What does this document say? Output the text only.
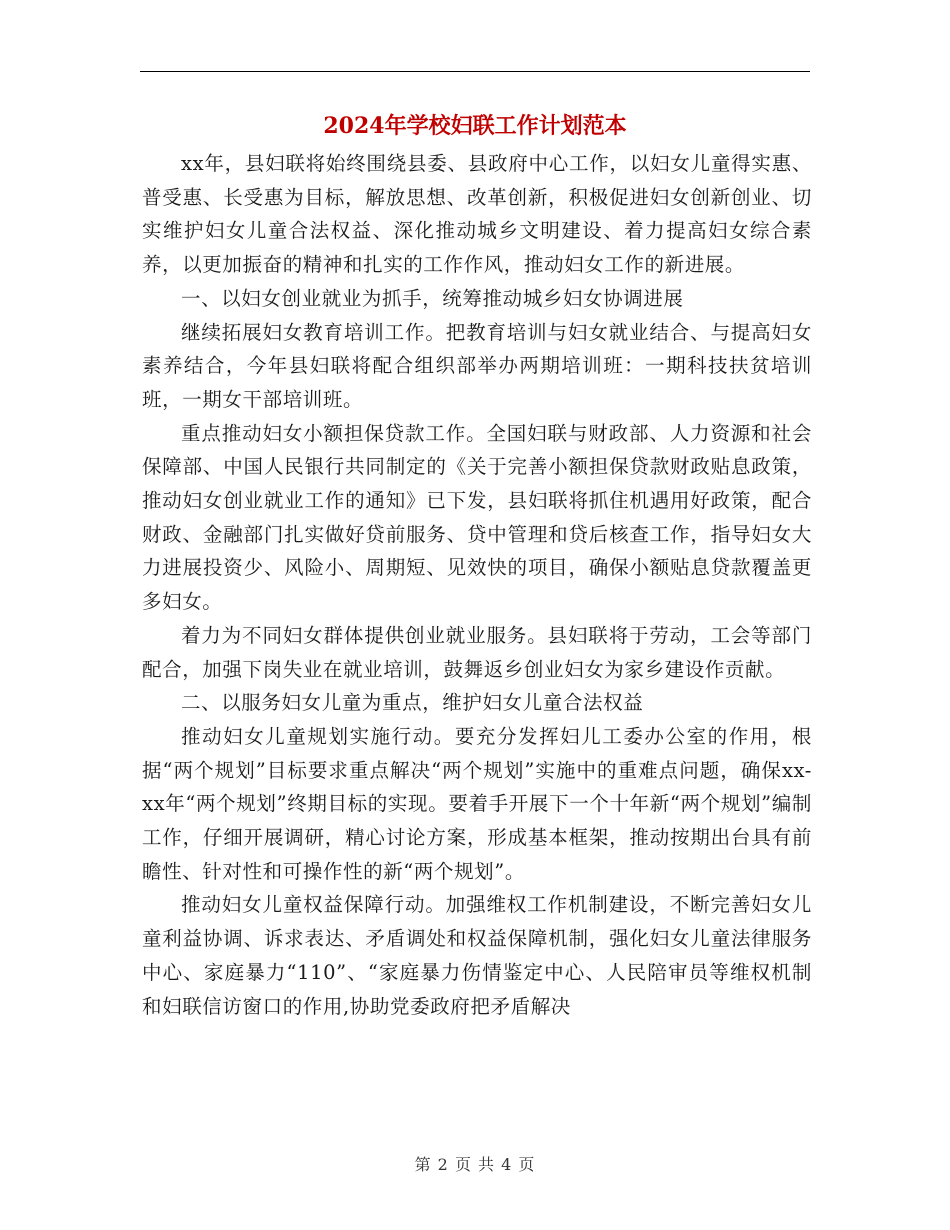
2024年学校妇联工作计划范本

xx年，县妇联将始终围绕县委、县政府中心工作，以妇女儿童得实惠、普受惠、长受惠为目标，解放思想、改革创新，积极促进妇女创新创业、切实维护妇女儿童合法权益、深化推动城乡文明建设、着力提高妇女综合素养，以更加振奋的精神和扎实的工作作风，推动妇女工作的新进展。

一、以妇女创业就业为抓手，统筹推动城乡妇女协调进展

继续拓展妇女教育培训工作。把教育培训与妇女就业结合、与提高妇女素养结合，今年县妇联将配合组织部举办两期培训班：一期科技扶贫培训班，一期女干部培训班。

重点推动妇女小额担保贷款工作。全国妇联与财政部、人力资源和社会保障部、中国人民银行共同制定的《关于完善小额担保贷款财政贴息政策，推动妇女创业就业工作的通知》已下发，县妇联将抓住机遇用好政策，配合财政、金融部门扎实做好贷前服务、贷中管理和贷后核查工作，指导妇女大力进展投资少、风险小、周期短、见效快的项目，确保小额贴息贷款覆盖更多妇女。

着力为不同妇女群体提供创业就业服务。县妇联将于劳动，工会等部门配合，加强下岗失业在就业培训，鼓舞返乡创业妇女为家乡建设作贡献。

二、以服务妇女儿童为重点，维护妇女儿童合法权益

推动妇女儿童规划实施行动。要充分发挥妇儿工委办公室的作用，根据“两个规划”目标要求重点解决“两个规划”实施中的重难点问题，确保xx-xx年“两个规划”终期目标的实现。要着手开展下一个十年新“两个规划”编制工作，仔细开展调研，精心讨论方案，形成基本框架，推动按期出台具有前瞻性、针对性和可操作性的新“两个规划”。

推动妇女儿童权益保障行动。加强维权工作机制建设，不断完善妇女儿童利益协调、诉求表达、矛盾调处和权益保障机制，强化妇女儿童法律服务中心、家庭暴力“110”、“家庭暴力伤情鉴定中心、人民陪审员等维权机制和妇联信访窗口的作用,协助党委政府把矛盾解决

第 2 页 共 4 页
